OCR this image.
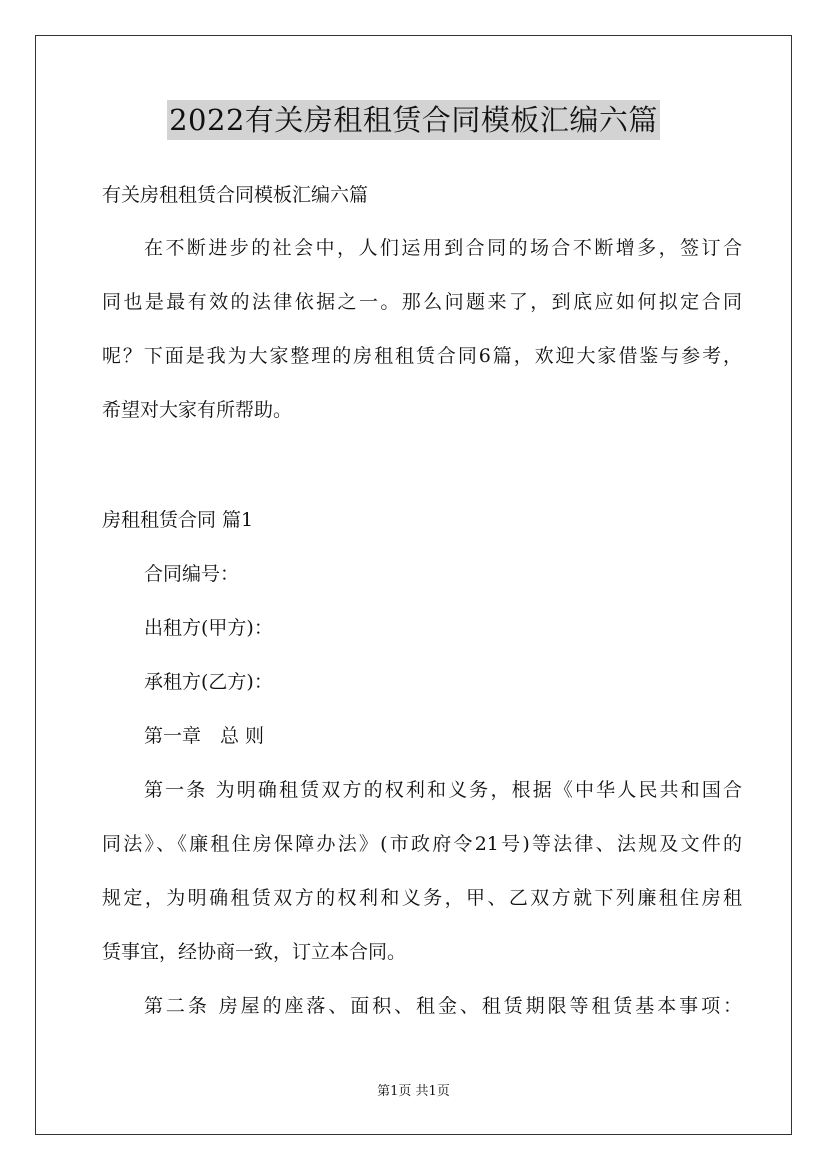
2022有关房租租赁合同模板汇编六篇
有关房租租赁合同模板汇编六篇
在不断进步的社会中，人们运用到合同的场合不断增多，签订合
同也是最有效的法律依据之一。那么问题来了，到底应如何拟定合同
呢？下面是我为大家整理的房租租赁合同6篇，欢迎大家借鉴与参考，
希望对大家有所帮助。
房租租赁合同 篇1
合同编号：
出租方(甲方)：
承租方(乙方)：
第一章　总 则
第一条 为明确租赁双方的权利和义务，根据《中华人民共和国合
同法》、《廉租住房保障办法》(市政府令21号)等法律、法规及文件的
规定，为明确租赁双方的权利和义务，甲、乙双方就下列廉租住房租
赁事宜，经协商一致，订立本合同。
第二条 房屋的座落、面积、租金、租赁期限等租赁基本事项：
第1页 共1页
